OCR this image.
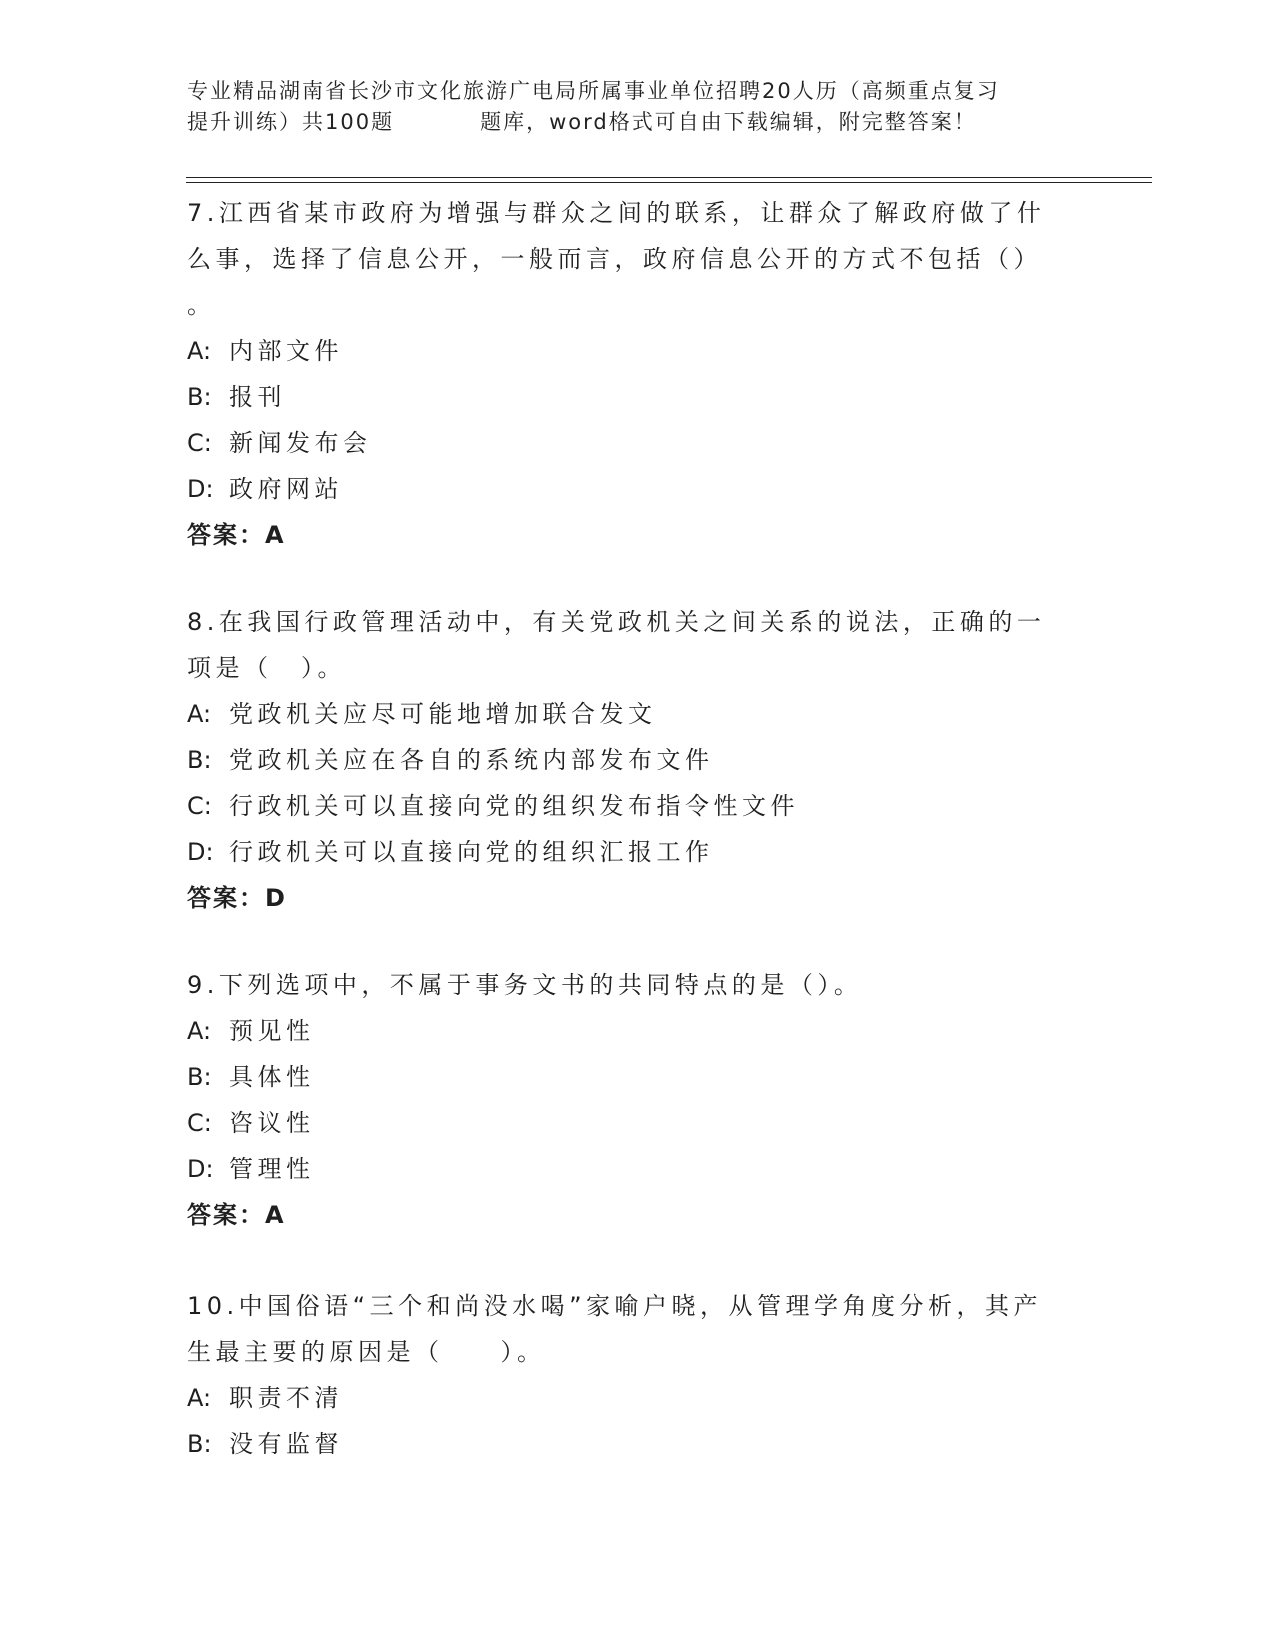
专业精品湖南省长沙市文化旅游广电局所属事业单位招聘20人历（高频重点复习
提升训练）共100题	题库，word格式可自由下载编辑，附完整答案！
7.江西省某市政府为增强与群众之间的联系，让群众了解政府做了什
么事，选择了信息公开，一般而言，政府信息公开的方式不包括（）
。
A: 内部文件
B: 报刊
C: 新闻发布会
D: 政府网站
答案：A
8.在我国行政管理活动中，有关党政机关之间关系的说法，正确的一
项是（　）。
A: 党政机关应尽可能地增加联合发文
B: 党政机关应在各自的系统内部发布文件
C: 行政机关可以直接向党的组织发布指令性文件
D: 行政机关可以直接向党的组织汇报工作
答案：D
9.下列选项中，不属于事务文书的共同特点的是（）。
A: 预见性
B: 具体性
C: 咨议性
D: 管理性
答案：A
10.中国俗语“三个和尚没水喝”家喻户晓，从管理学角度分析，其产
生最主要的原因是（　　）。
A: 职责不清
B: 没有监督
